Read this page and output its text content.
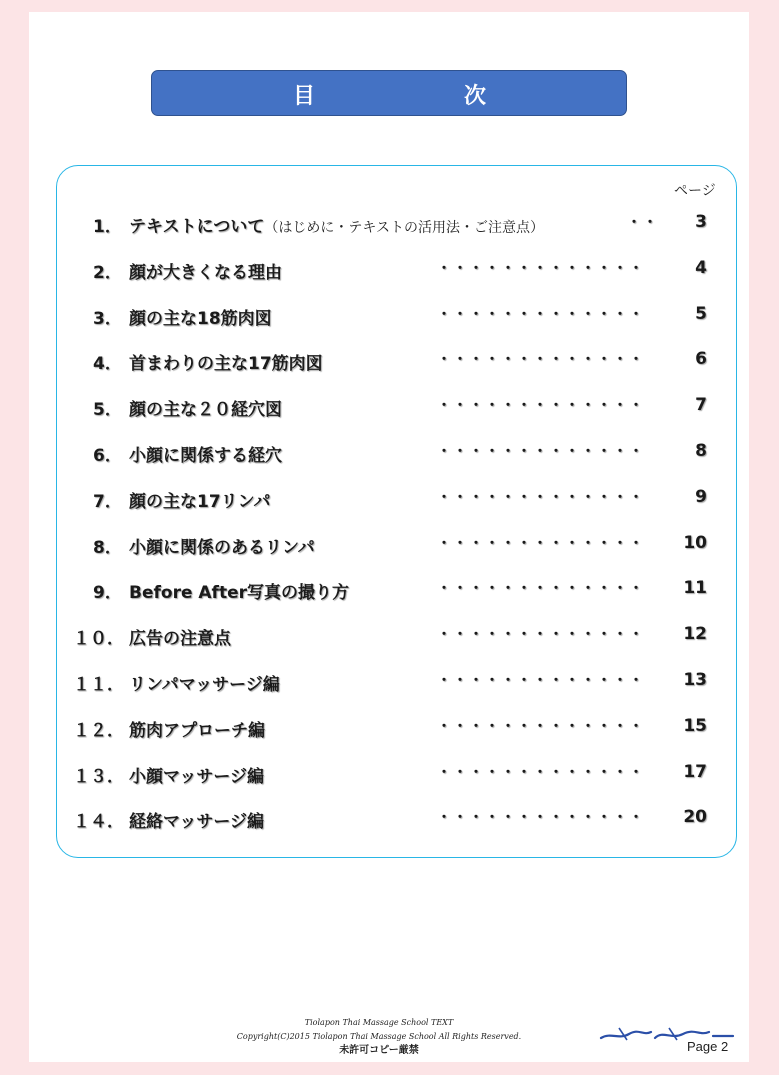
目	次
ページ
1． テキストについて（はじめに・テキストの活用法・ご注意点）	・・ 3
2． 顔が大きくなる理由	・・・・・・・・・・・・・	4
3． 顔の主な18筋肉図	・・・・・・・・・・・・・	5
4． 首まわりの主な17筋肉図	・・・・・・・・・・・・・	6
5． 顔の主な２０経穴図	・・・・・・・・・・・・・	7
6． 小顔に関係する経穴	・・・・・・・・・・・・・	8
7． 顔の主な17リンパ	・・・・・・・・・・・・・	9
8． 小顔に関係のあるリンパ	・・・・・・・・・・・・・ 10
9． Before After写真の撮り方	・・・・・・・・・・・・・ 11
１０． 広告の注意点	・・・・・・・・・・・・・ 12
１１． リンパマッサージ編	・・・・・・・・・・・・・ 13
１２． 筋肉アプローチ編	・・・・・・・・・・・・・ 15
１３． 小顔マッサージ編	・・・・・・・・・・・・・ 17
１４． 経絡マッサージ編	・・・・・・・・・・・・・ 20
Tiolapon Thai Massage School TEXT
Copyright(C)2015 Tiolapon Thai Massage School All Rights Reserved.
未許可コピー厳禁	Page 2
